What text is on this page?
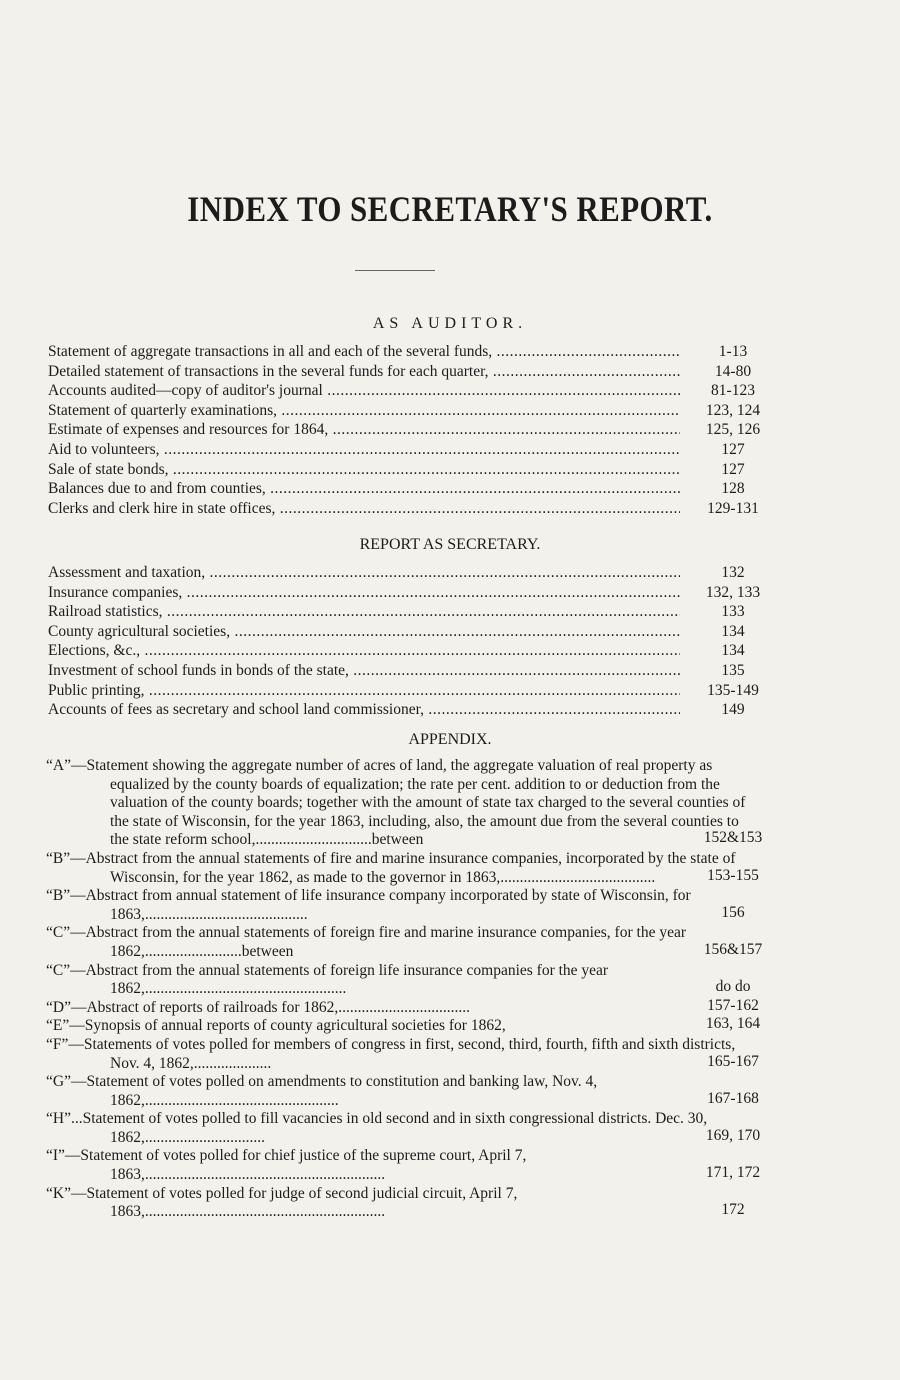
INDEX TO SECRETARY'S REPORT.
AS AUDITOR.
Statement of aggregate transactions in all and each of the several funds, .....	1-13
Detailed statement of transactions in the several funds for each quarter, .....	14-80
Accounts audited—copy of auditor's journal .....	81-123
Statement of quarterly examinations, .....	123, 124
Estimate of expenses and resources for 1864, .....	125, 126
Aid to volunteers, .....	127
Sale of state bonds, .....	127
Balances due to and from counties, .....	128
Clerks and clerk hire in state offices, .....	129-131
REPORT AS SECRETARY.
Assessment and taxation, .....	132
Insurance companies, .....	132, 133
Railroad statistics, .....	133
County agricultural societies, .....	134
Elections, &c., .....	134
Investment of school funds in bonds of the state, .....	135
Public printing, .....	135-149
Accounts of fees as secretary and school land commissioner, .....	149
APPENDIX.
“A”—Statement showing the aggregate number of acres of land, the aggregate valuation of real property as equalized by the county boards of equalization; the rate per cent. addition to or deduction from the valuation of the county boards; together with the amount of state tax charged to the several counties of the state of Wisconsin, for the year 1863, including, also, the amount due from the several counties to the state reform school,..............................between	152&153
“B”—Abstract from the annual statements of fire and marine insurance companies, incorporated by the state of Wisconsin, for the year 1862, as made to the governor in 1863,........................................	153-155
“B”—Abstract from annual statement of life insurance company incorporated by state of Wisconsin, for 1863,..........................................	156
“C”—Abstract from the annual statements of foreign fire and marine insurance companies, for the year 1862,.........................between	156&157
“C”—Abstract from the annual statements of foreign life insurance companies for the year 1862,....................................................	do do
“D”—Abstract of reports of railroads for 1862,..................................	157-162
“E”—Synopsis of annual reports of county agricultural societies for 1862,	163, 164
“F”—Statements of votes polled for members of congress in first, second, third, fourth, fifth and sixth districts, Nov. 4, 1862,....................	165-167
“G”—Statement of votes polled on amendments to constitution and banking law, Nov. 4, 1862,..................................................	167-168
“H”...Statement of votes polled to fill vacancies in old second and in sixth congressional districts. Dec. 30, 1862,...............................	169, 170
“I”—Statement of votes polled for chief justice of the supreme court, April 7, 1863,..............................................................	171, 172
“K”—Statement of votes polled for judge of second judicial circuit, April 7, 1863,..............................................................	172
